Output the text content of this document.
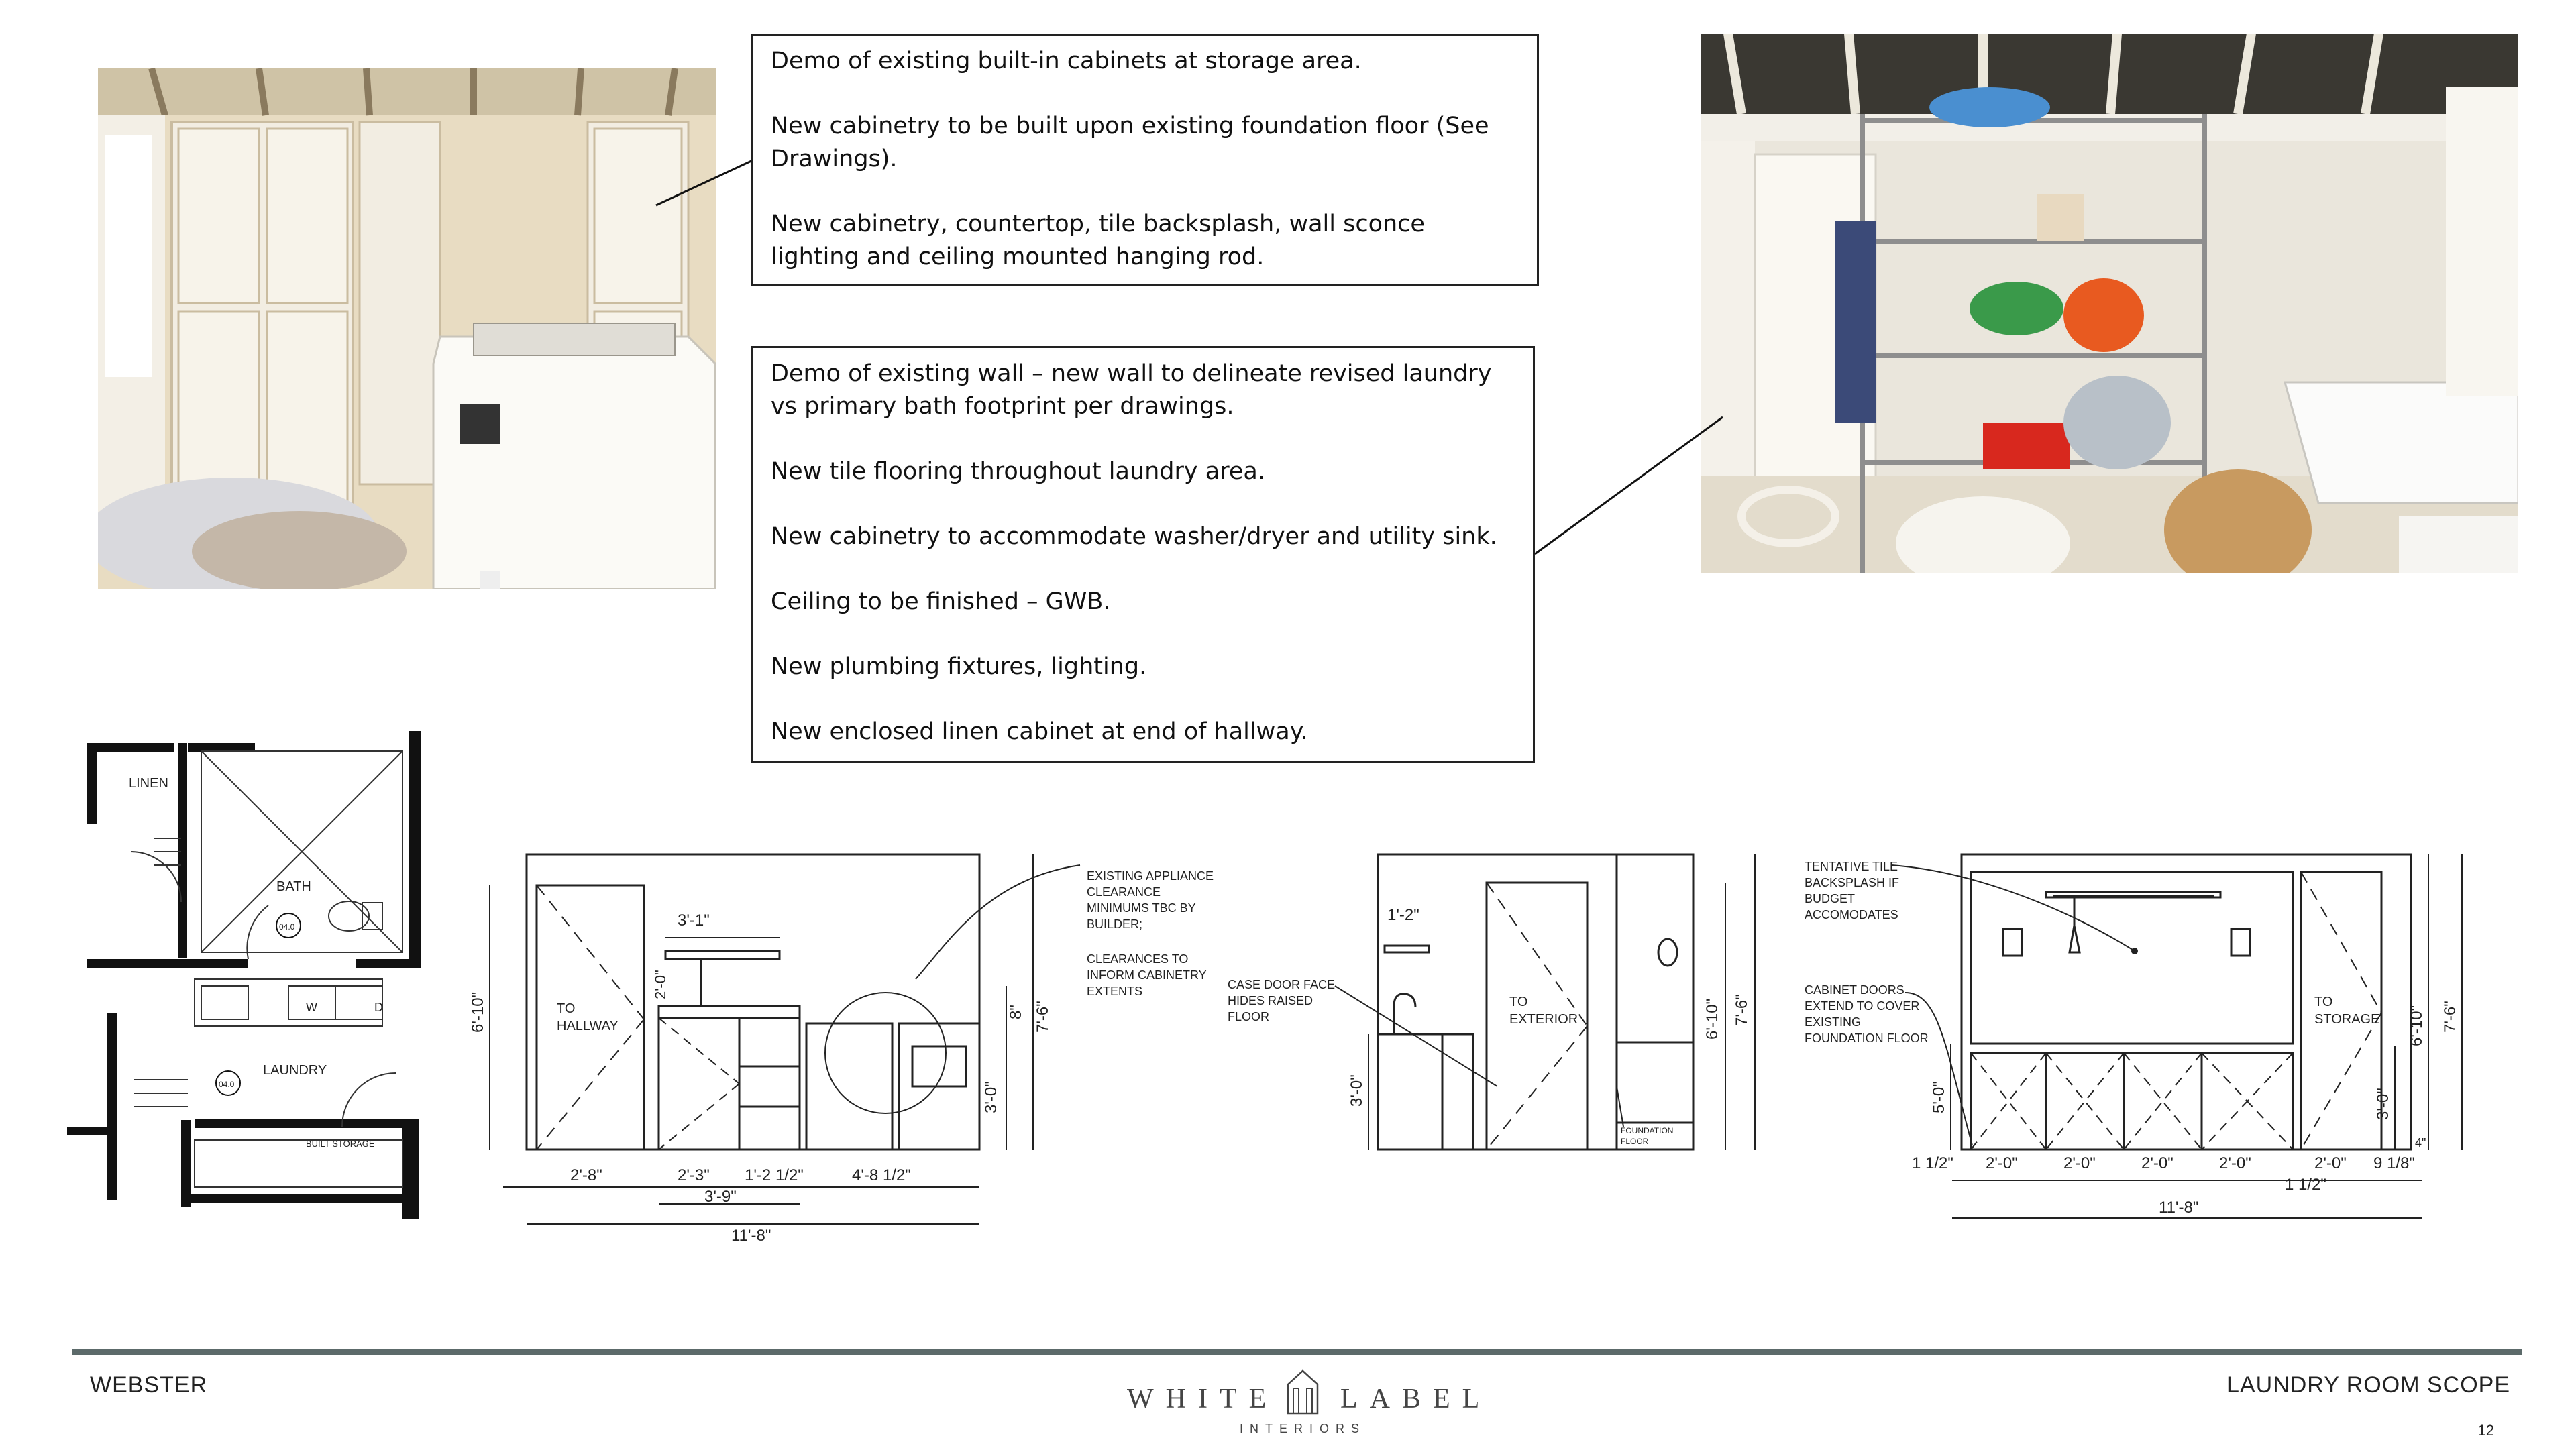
Demo of existing built-in cabinets at storage area.

New cabinetry to be built upon existing foundation floor (See Drawings).

New cabinetry, countertop, tile backsplash, wall sconce lighting and ceiling mounted hanging rod.

Demo of existing wall – new wall to delineate revised laundry vs primary bath footprint per drawings.

New tile flooring throughout laundry area.

New cabinetry to accommodate washer/dryer and utility sink.

Ceiling to be finished – GWB.

New plumbing fixtures, lighting.

New enclosed linen cabinet at end of hallway.

LINEN
BATH
LAUNDRY
BUILT STORAGE
W	D
04.0
04.0
3'-1"
TO
HALLWAY
6'-10"
2'-0"
8"
3'-0"
7'-6"
2'-8"	2'-3" 1'-2 1/2"	4'-8 1/2"
3'-9"
11'-8"
EXISTING APPLIANCE
CLEARANCE
MINIMUMS TBC BY
BUILDER;
CLEARANCES TO
INFORM CABINETRY
EXTENTS
1'-2"
CASE DOOR FACE
HIDES RAISED
FLOOR
TO
EXTERIOR
FOUNDATION
FLOOR
3'-0"
6'-10" 7'-6"
TENTATIVE TILE
BACKSPLASH IF
BUDGET
ACCOMODATES
CABINET DOORS
EXTEND TO COVER
EXISTING
FOUNDATION FLOOR
TO
STORAGE
5'-0"
6'-10" 7'-6"
3'-0"
4"
1 1/2" 2'-0"	2'-0"	2'-0"	2'-0"	2'-0" 9 1/8"
1 1/2"
11'-8"
WEBSTER	LAUNDRY ROOM SCOPE
12
WHITE LABEL
INTERIORS
